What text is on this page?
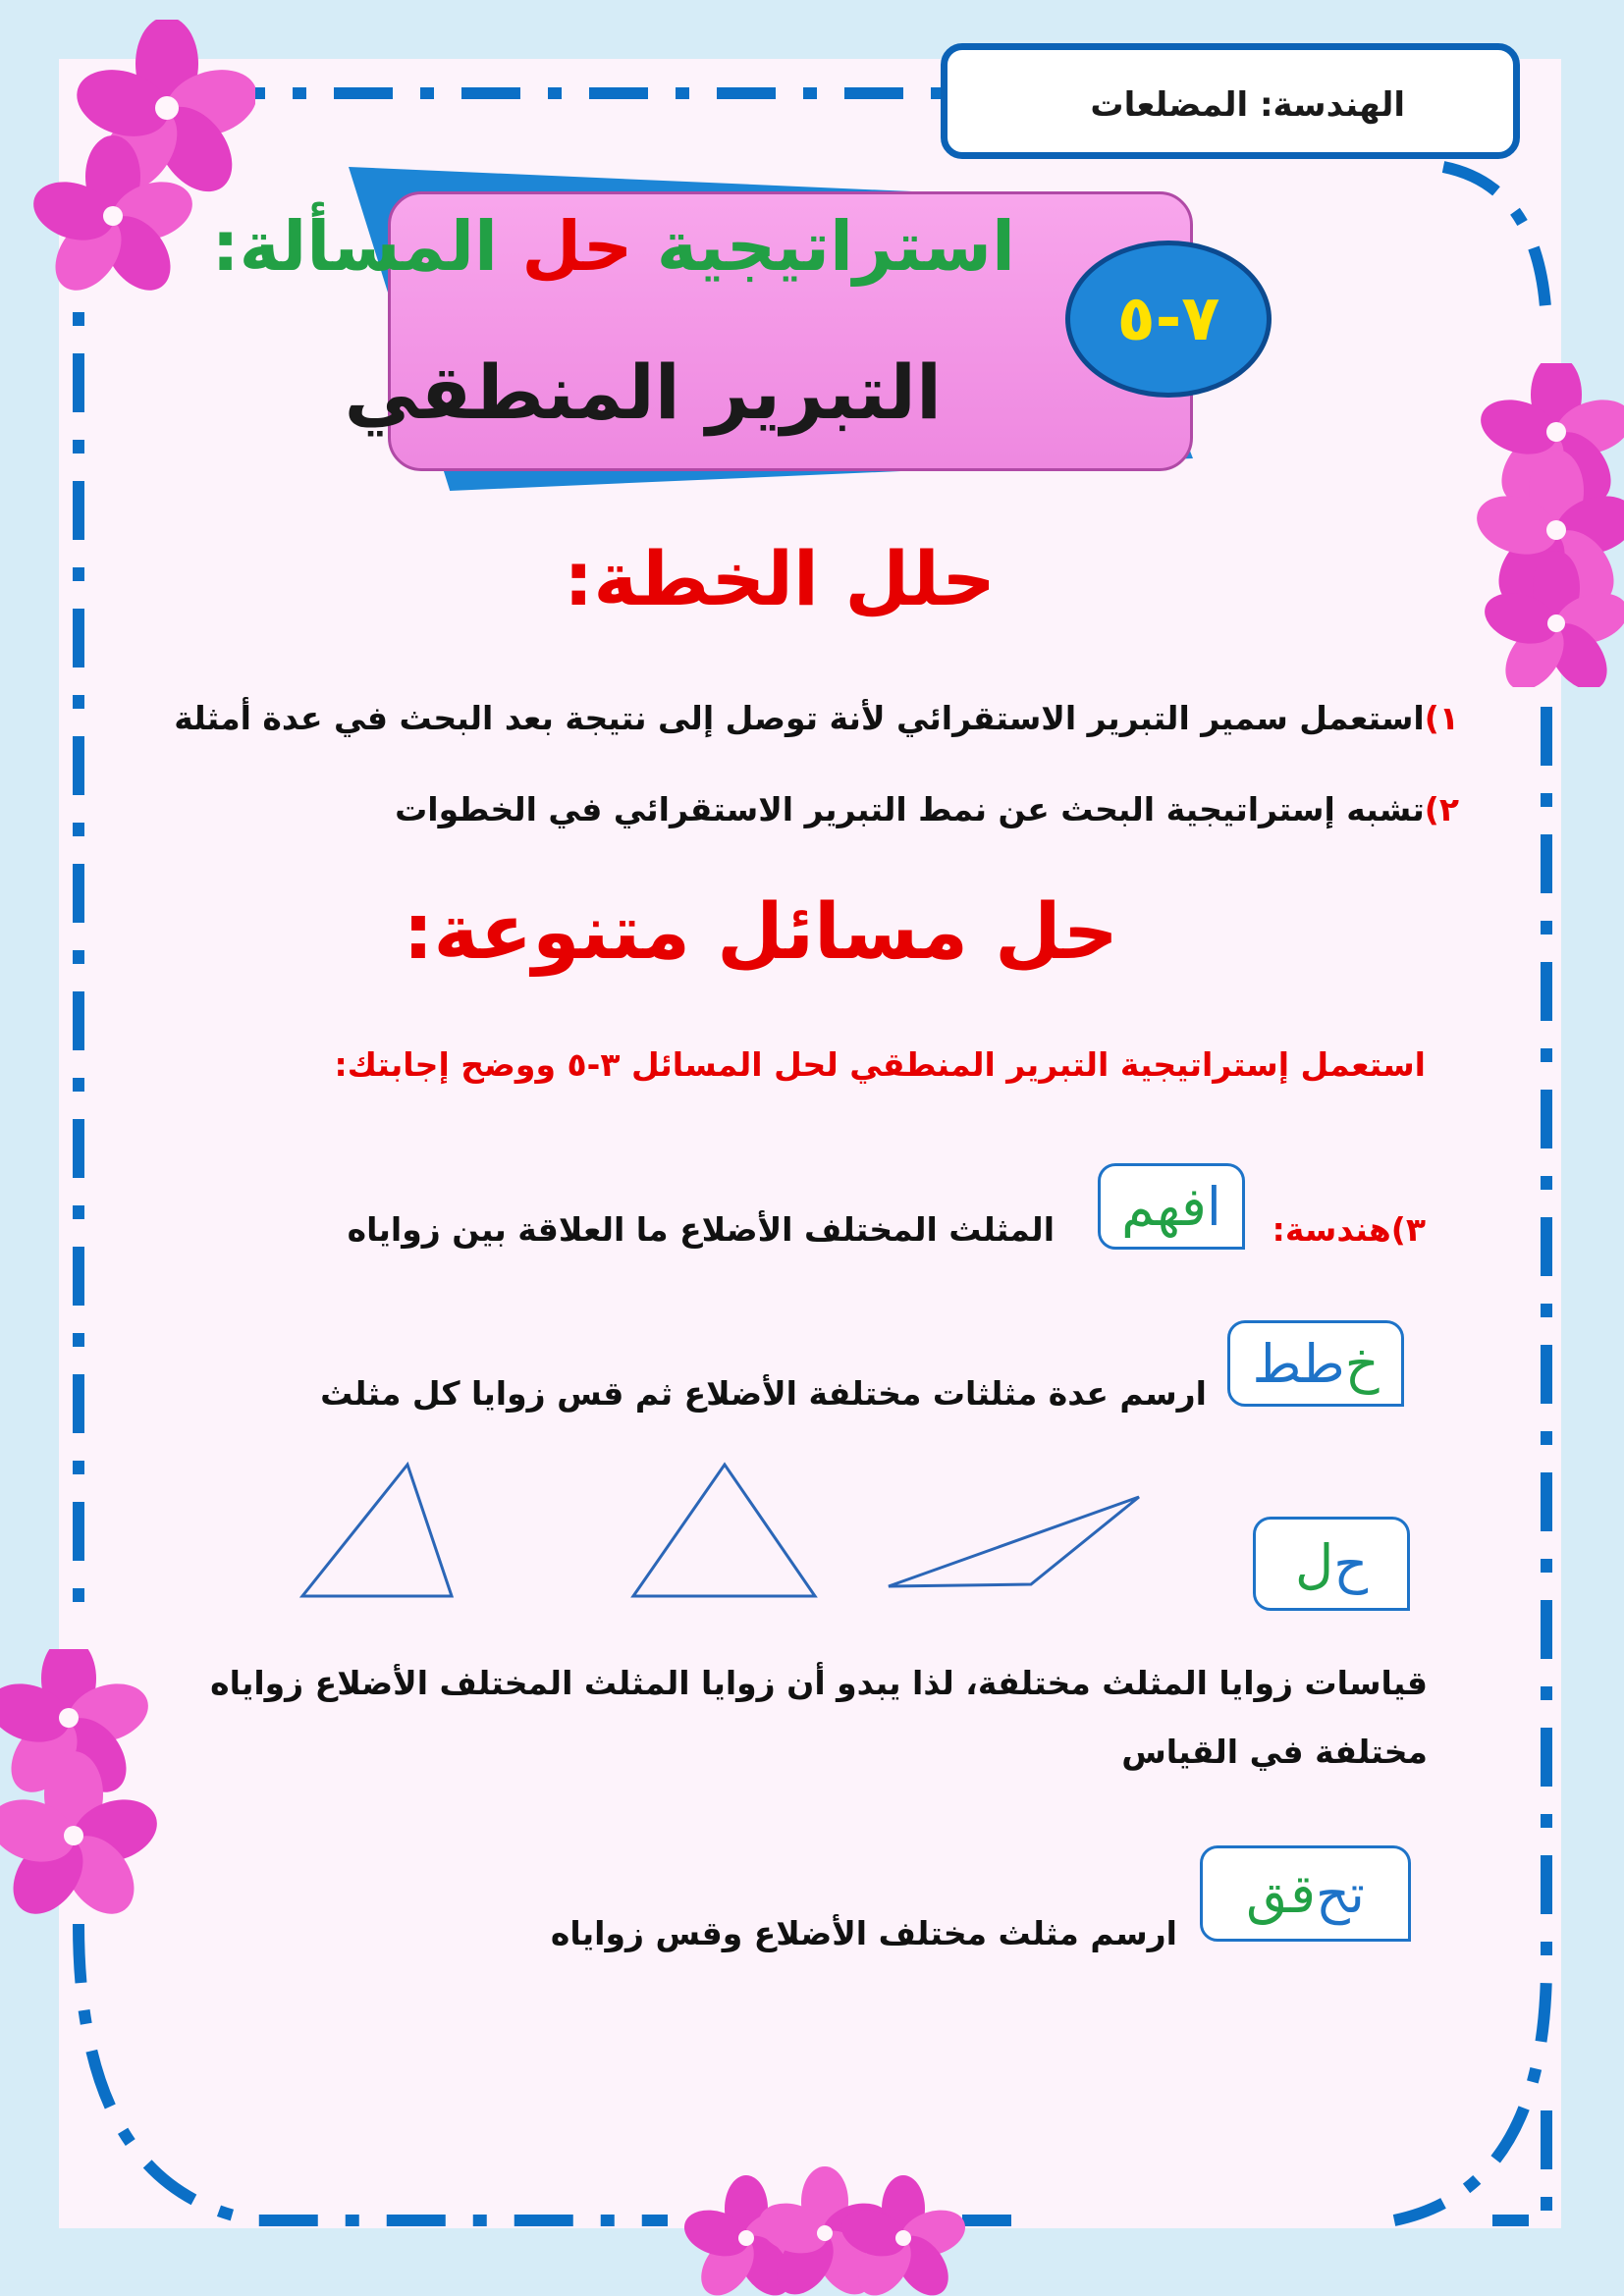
الهندسة: المضلعات
استراتيجية حل المسألة:
التبرير المنطقي
٧-٥
حلل الخطة:
١)استعمل سمير التبرير الاستقرائي لأنة توصل إلى نتيجة بعد البحث في عدة أمثلة
٢)تشبه إستراتيجية البحث عن نمط التبرير الاستقرائي في الخطوات
حل مسائل متنوعة:
استعمل إستراتيجية التبرير المنطقي لحل المسائل ٣-٥ ووضح إجابتك:
٣)هندسة:
ا
فهم
المثلث المختلف الأضلاع ما العلاقة بين زواياه
خ
طط
ارسم عدة مثلثات مختلفة الأضلاع ثم قس زوايا كل مثلث
ح
ل
قياسات زوايا المثلث مختلفة، لذا يبدو أن زوايا المثلث المختلف الأضلاع زواياه
مختلفة في القياس
تح
قق
ارسم مثلث مختلف الأضلاع وقس زواياه
